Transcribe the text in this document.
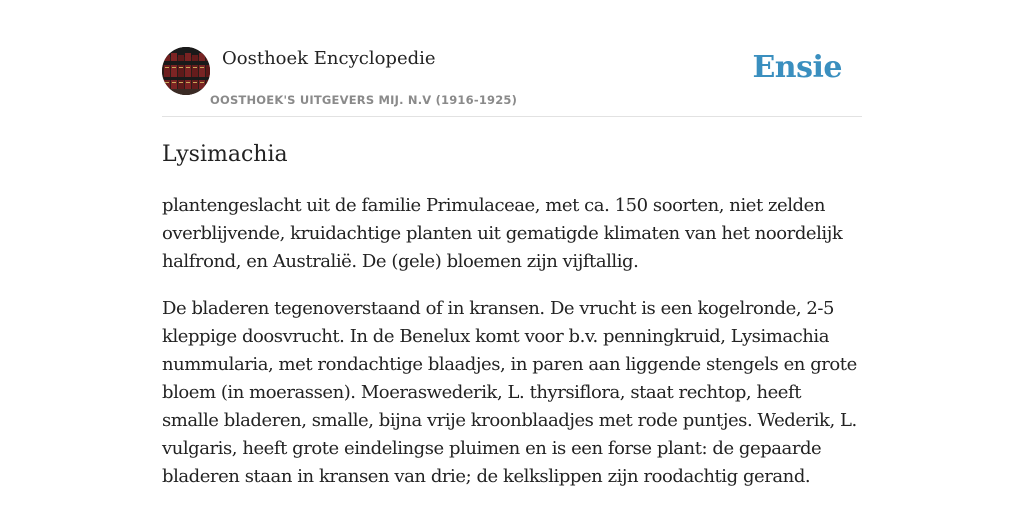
Oosthoek Encyclopedie
OOSTHOEK'S UITGEVERS MIJ. N.V (1916-1925)
Ensie
Lysimachia

plantengeslacht uit de familie Primulaceae, met ca. 150 soorten, niet zelden overblijvende, kruidachtige planten uit gematigde klimaten van het noordelijk halfrond, en Australië. De (gele) bloemen zijn vijftallig.

De bladeren tegenoverstaand of in kransen. De vrucht is een kogelronde, 2-5 kleppige doosvrucht. In de Benelux komt voor b.v. penningkruid, Lysimachia nummularia, met rondachtige blaadjes, in paren aan liggende stengels en grote bloem (in moerassen). Moeraswederik, L. thyrsiflora, staat rechtop, heeft smalle bladeren, smalle, bijna vrije kroonblaadjes met rode puntjes. Wederik, L. vulgaris, heeft grote eindelingse pluimen en is een forse plant: de gepaarde bladeren staan in kransen van drie; de kelkslippen zijn roodachtig gerand.
